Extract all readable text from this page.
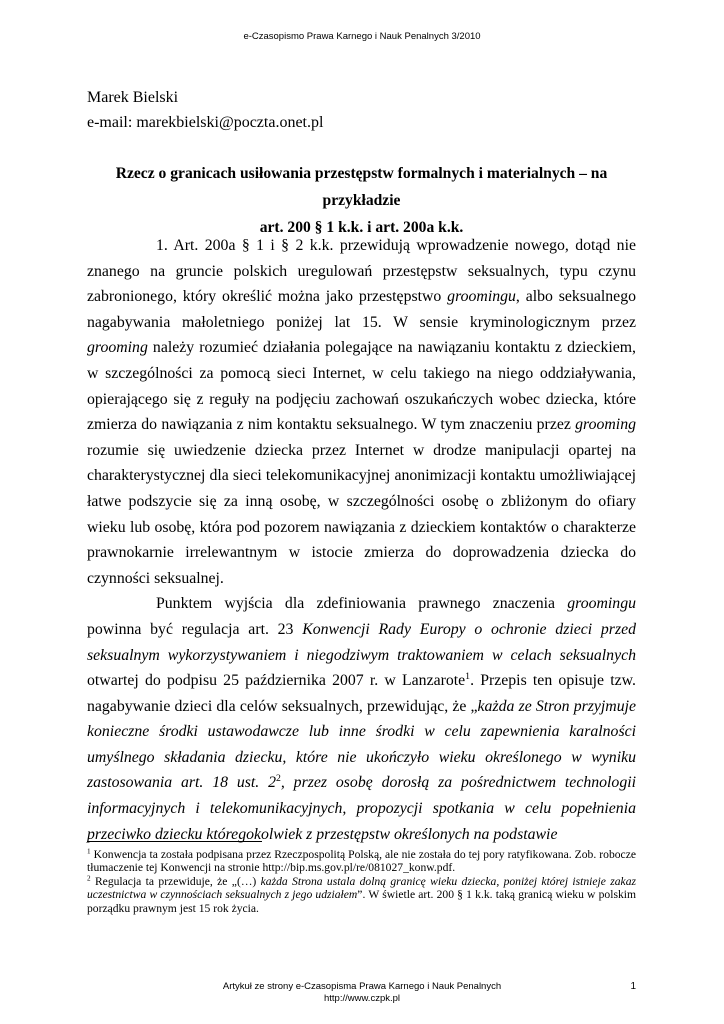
e-Czasopismo Prawa Karnego i Nauk Penalnych 3/2010
Marek Bielski
e-mail: marekbielski@poczta.onet.pl
Rzecz o granicach usiłowania przestępstw formalnych i materialnych – na przykładzie
art. 200 § 1 k.k. i art. 200a k.k.

1. Art. 200a § 1 i § 2 k.k. przewidują wprowadzenie nowego, dotąd nie znanego na gruncie polskich uregulowań przestępstw seksualnych, typu czynu zabronionego, który określić można jako przestępstwo groomingu, albo seksualnego nagabywania małoletniego poniżej lat 15. W sensie kryminologicznym przez grooming należy rozumieć działania polegające na nawiązaniu kontaktu z dzieckiem, w szczególności za pomocą sieci Internet, w celu takiego na niego oddziaływania, opierającego się z reguły na podjęciu zachowań oszukańczych wobec dziecka, które zmierza do nawiązania z nim kontaktu seksualnego. W tym znaczeniu przez grooming rozumie się uwiedzenie dziecka przez Internet w drodze manipulacji opartej na charakterystycznej dla sieci telekomunikacyjnej anonimizacji kontaktu umożliwiającej łatwe podszycie się za inną osobę, w szczególności osobę o zbliżonym do ofiary wieku lub osobę, która pod pozorem nawiązania z dzieckiem kontaktów o charakterze prawnokarnie irrelewantnym w istocie zmierza do doprowadzenia dziecka do czynności seksualnej.

Punktem wyjścia dla zdefiniowania prawnego znaczenia groomingu powinna być regulacja art. 23 Konwencji Rady Europy o ochronie dzieci przed seksualnym wykorzystywaniem i niegodziwym traktowaniem w celach seksualnych otwartej do podpisu 25 października 2007 r. w Lanzarote$^1$. Przepis ten opisuje tzw. nagabywanie dzieci dla celów seksualnych, przewidując, że „każda ze Stron przyjmuje konieczne środki ustawodawcze lub inne środki w celu zapewnienia karalności umyślnego składania dziecku, które nie ukończyło wieku określonego w wyniku zastosowania art. 18 ust. $2^2$, przez osobę dorosłą za pośrednictwem technologii informacyjnych i telekomunikacyjnych, propozycji spotkania w celu popełnienia przeciwko dziecku któregokolwiek z przestępstw określonych na podstawie

$^1$ Konwencja ta została podpisana przez Rzeczpospolitą Polską, ale nie została do tej pory ratyfikowana. Zob. robocze tłumaczenie tej Konwencji na stronie http://bip.ms.gov.pl/re/081027_konw.pdf.

$^2$ Regulacja ta przewiduje, że „(…) każda Strona ustala dolną granicę wieku dziecka, poniżej której istnieje zakaz uczestnictwa w czynnościach seksualnych z jego udziałem”. W świetle art. 200 § 1 k.k. taką granicą wieku w polskim porządku prawnym jest 15 rok życia.

Artykuł ze strony e-Czasopisma Prawa Karnego i Nauk Penalnych
http://www.czpk.pl
1
